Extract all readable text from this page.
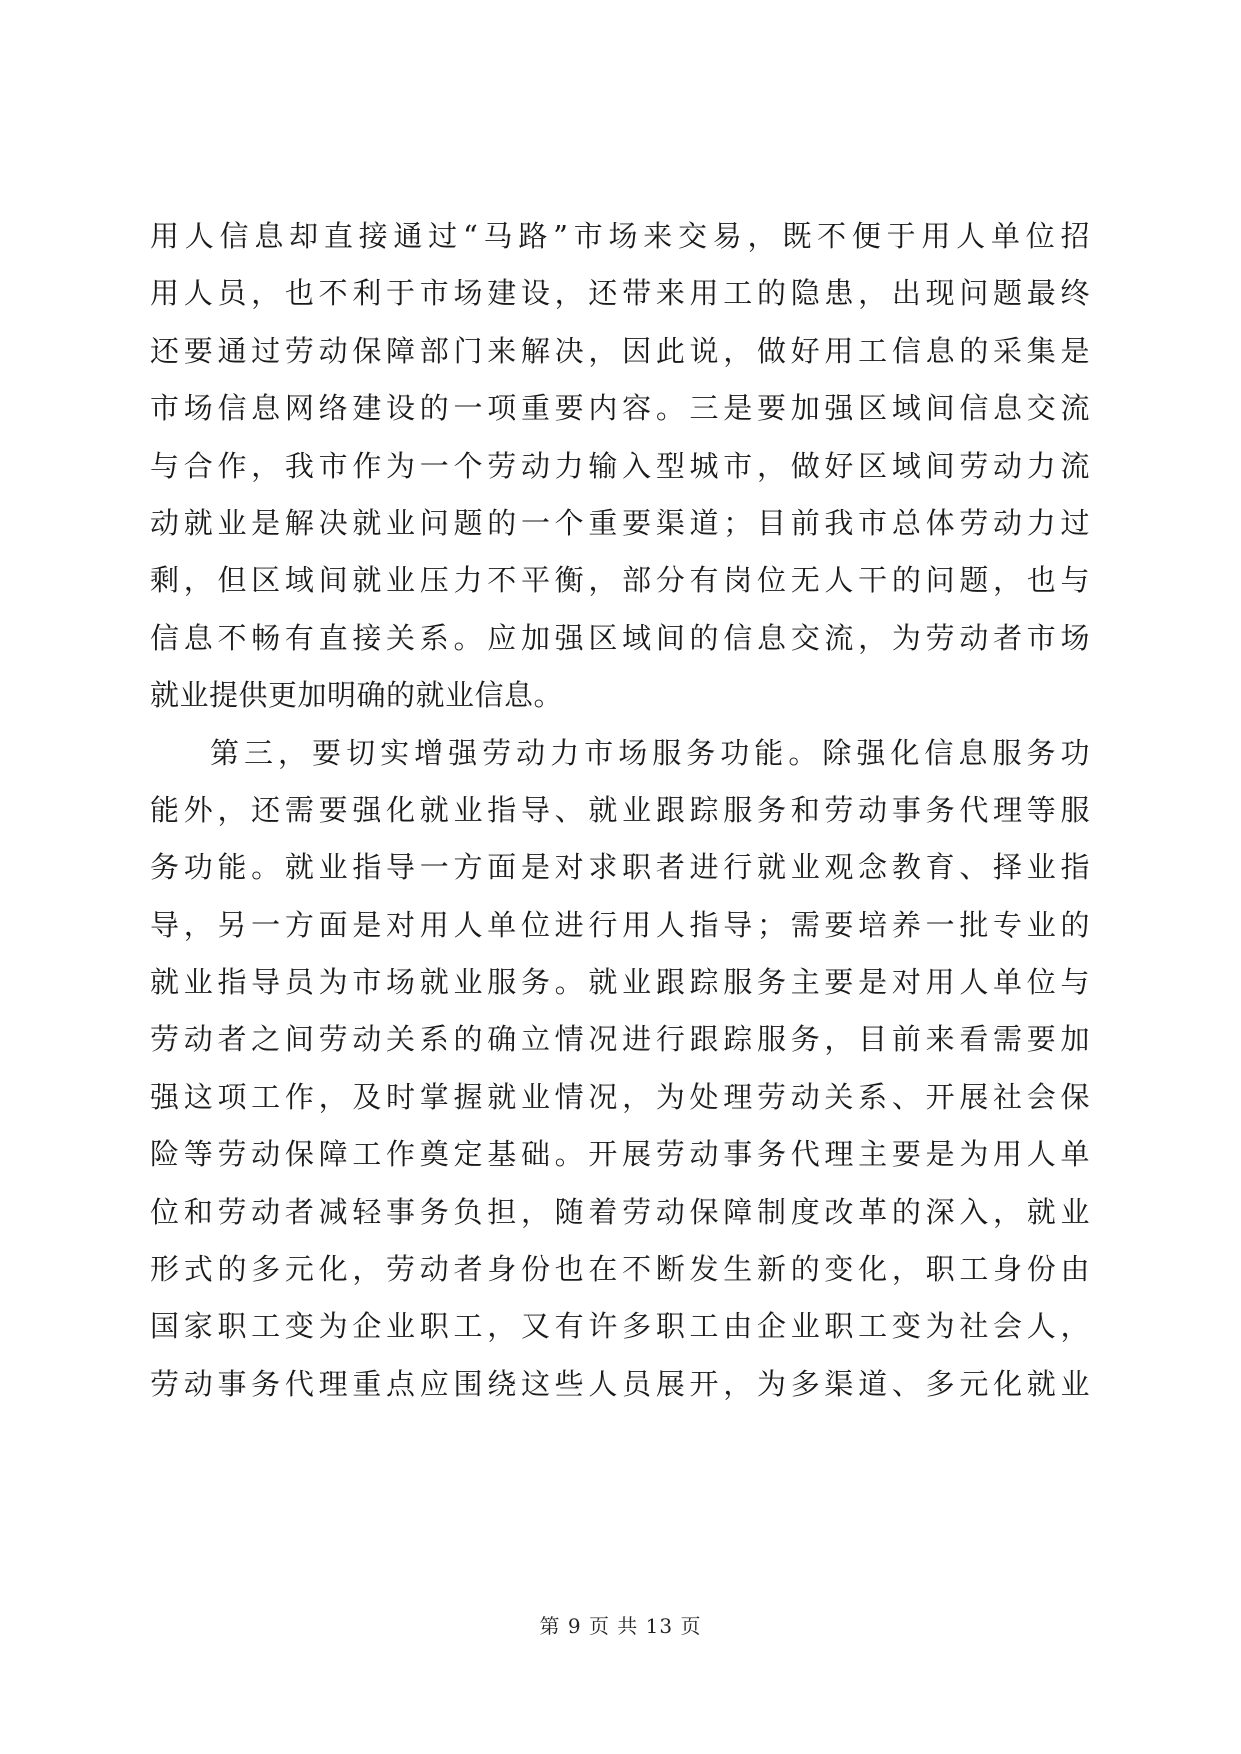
用人信息却直接通过“马路”市场来交易，既不便于用人单位招
用人员，也不利于市场建设，还带来用工的隐患，出现问题最终
还要通过劳动保障部门来解决，因此说，做好用工信息的采集是
市场信息网络建设的一项重要内容。三是要加强区域间信息交流
与合作，我市作为一个劳动力输入型城市，做好区域间劳动力流
动就业是解决就业问题的一个重要渠道；目前我市总体劳动力过
剩，但区域间就业压力不平衡，部分有岗位无人干的问题，也与
信息不畅有直接关系。应加强区域间的信息交流，为劳动者市场
就业提供更加明确的就业信息。
第三，要切实增强劳动力市场服务功能。除强化信息服务功
能外，还需要强化就业指导、就业跟踪服务和劳动事务代理等服
务功能。就业指导一方面是对求职者进行就业观念教育、择业指
导，另一方面是对用人单位进行用人指导；需要培养一批专业的
就业指导员为市场就业服务。就业跟踪服务主要是对用人单位与
劳动者之间劳动关系的确立情况进行跟踪服务，目前来看需要加
强这项工作，及时掌握就业情况，为处理劳动关系、开展社会保
险等劳动保障工作奠定基础。开展劳动事务代理主要是为用人单
位和劳动者减轻事务负担，随着劳动保障制度改革的深入，就业
形式的多元化，劳动者身份也在不断发生新的变化，职工身份由
国家职工变为企业职工，又有许多职工由企业职工变为社会人，
劳动事务代理重点应围绕这些人员展开，为多渠道、多元化就业
第 9 页 共 13 页
